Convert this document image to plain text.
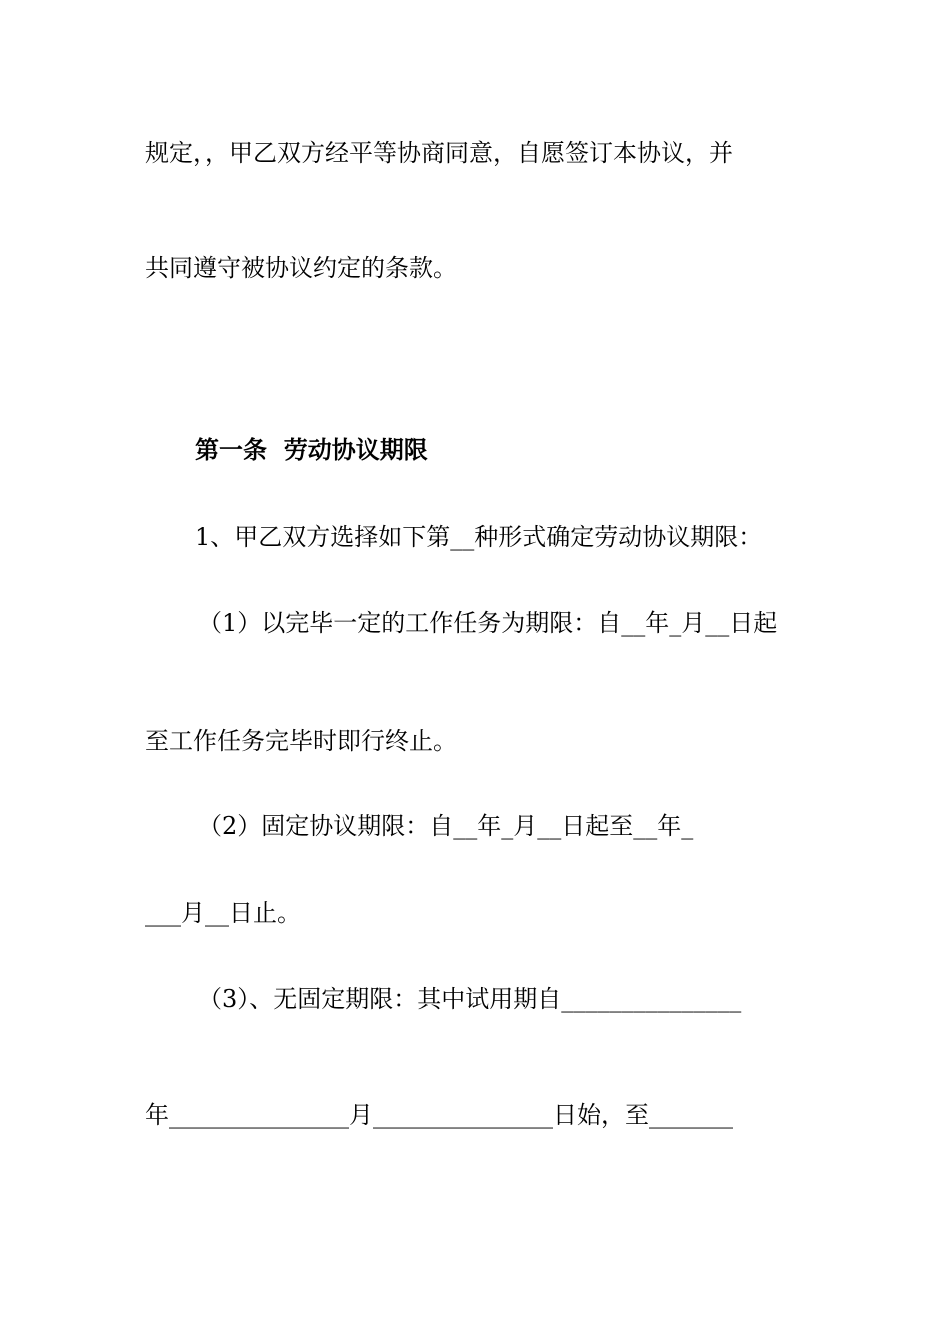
规定，，甲乙双方经平等协商同意，自愿签订本协议，并
共同遵守被协议约定的条款。
第一条  劳动协议期限
1、甲乙双方选择如下第__种形式确定劳动协议期限：
（1）以完毕一定的工作任务为期限：自__年_月__日起
至工作任务完毕时即行终止。
（2）固定协议期限：自__年_月__日起至__年_
___月__日止。
（3）、无固定期限：其中试用期自_______________
年_______________月_______________日始，至_______
